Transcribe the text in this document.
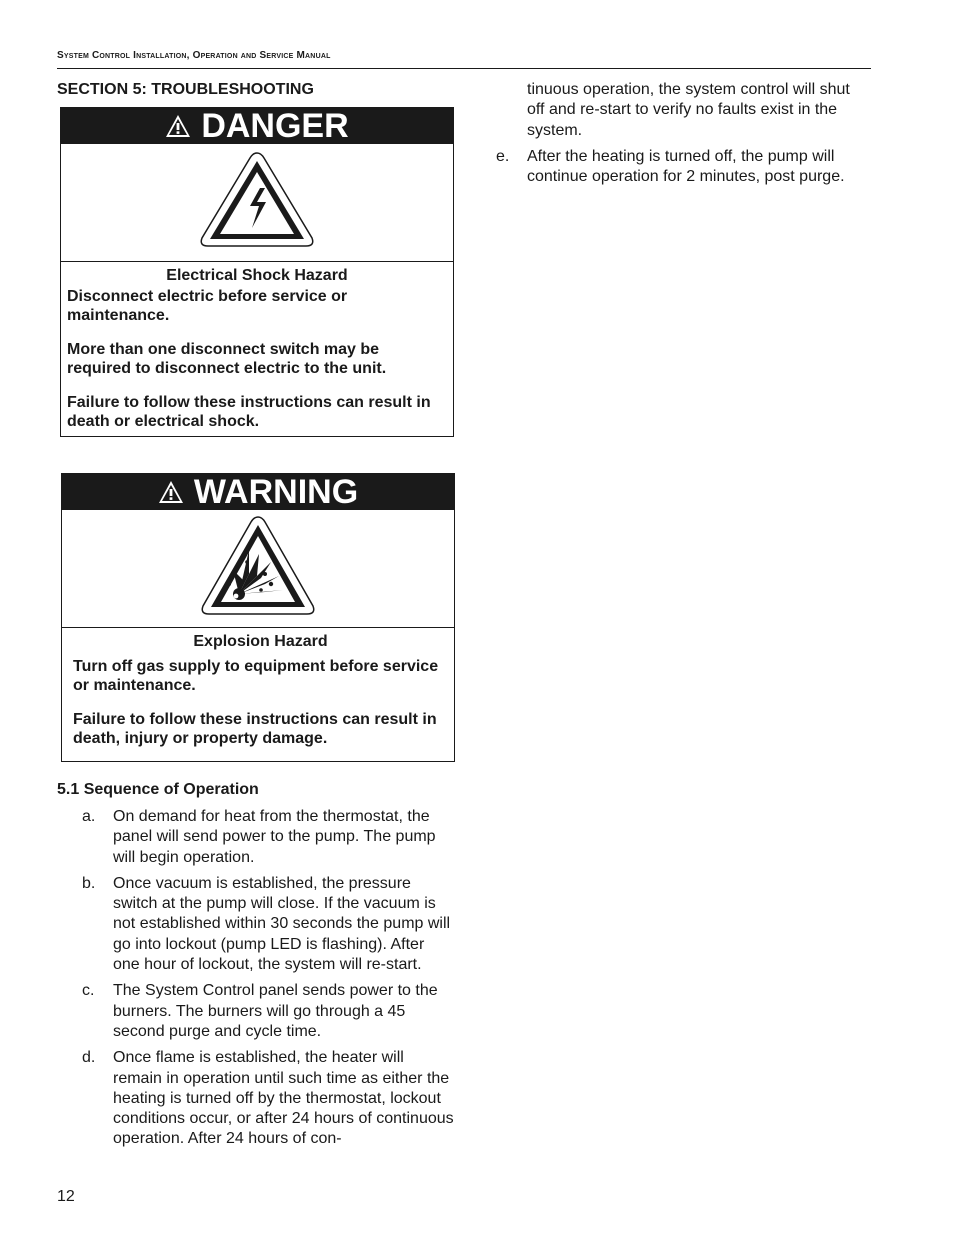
System Control Installation, Operation and Service Manual
SECTION 5: TROUBLESHOOTING
DANGER
Electrical Shock Hazard

Disconnect electric before service or maintenance.

More than one disconnect switch may be required to disconnect electric to the unit.

Failure to follow these instructions can result in death or electrical shock.

WARNING
Explosion Hazard

Turn off gas supply to equipment before service or maintenance.

Failure to follow these instructions can result in death, injury or property damage.

5.1 Sequence of Operation
a. On demand for heat from the thermostat, the panel will send power to the pump. The pump will begin operation.
b. Once vacuum is established, the pressure switch at the pump will close. If the vacuum is not established within 30 seconds the pump will go into lockout (pump LED is flashing). After one hour of lockout, the system will re-start.
c. The System Control panel sends power to the burners. The burners will go through a 45 second purge and cycle time.
d. Once flame is established, the heater will remain in operation until such time as either the heating is turned off by the thermostat, lockout conditions occur, or after 24 hours of continuous operation. After 24 hours of con-
tinuous operation, the system control will shut off and re-start to verify no faults exist in the system.
e. After the heating is turned off, the pump will continue operation for 2 minutes, post purge.
12
